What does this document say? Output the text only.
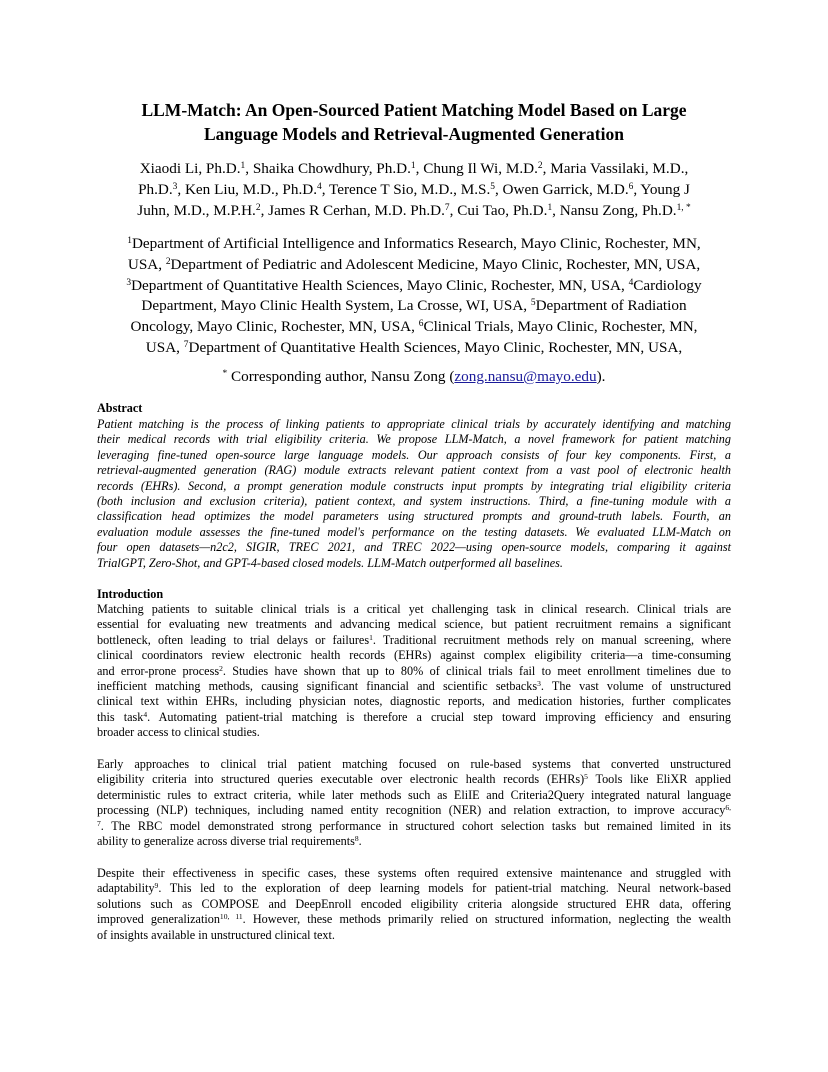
LLM-Match: An Open-Sourced Patient Matching Model Based on Large
Language Models and Retrieval-Augmented Generation
Xiaodi Li, Ph.D.$^1$, Shaika Chowdhury, Ph.D.$^1$, Chung Il Wi, M.D.$^2$, Maria Vassilaki, M.D.,
Ph.D.$^3$, Ken Liu, M.D., Ph.D.$^4$, Terence T Sio, M.D., M.S.$^5$, Owen Garrick, M.D.$^6$, Young J
Juhn, M.D., M.P.H.$^2$, James R Cerhan, M.D. Ph.D.$^7$, Cui Tao, Ph.D.$^1$, Nansu Zong, Ph.D.$^{1, *}$
$^1$Department of Artificial Intelligence and Informatics Research, Mayo Clinic, Rochester, MN,
USA, $^2$Department of Pediatric and Adolescent Medicine, Mayo Clinic, Rochester, MN, USA,
$^3$Department of Quantitative Health Sciences, Mayo Clinic, Rochester, MN, USA, $^4$Cardiology
Department, Mayo Clinic Health System, La Crosse, WI, USA, $^5$Department of Radiation
Oncology, Mayo Clinic, Rochester, MN, USA, $^6$Clinical Trials, Mayo Clinic, Rochester, MN,
USA, $^7$Department of Quantitative Health Sciences, Mayo Clinic, Rochester, MN, USA,
* Corresponding author, Nansu Zong (zong.nansu@mayo.edu).
Abstract
Patient matching is the process of linking patients to appropriate clinical trials by accurately identifying and matching
their medical records with trial eligibility criteria. We propose LLM-Match, a novel framework for patient matching
leveraging fine-tuned open-source large language models. Our approach consists of four key components. First, a
retrieval-augmented generation (RAG) module extracts relevant patient context from a vast pool of electronic health
records (EHRs). Second, a prompt generation module constructs input prompts by integrating trial eligibility criteria
(both inclusion and exclusion criteria), patient context, and system instructions. Third, a fine-tuning module with a
classification head optimizes the model parameters using structured prompts and ground-truth labels. Fourth, an
evaluation module assesses the fine-tuned model's performance on the testing datasets. We evaluated LLM-Match on
four open datasets—n2c2, SIGIR, TREC 2021, and TREC 2022—using open-source models, comparing it against
TrialGPT, Zero-Shot, and GPT-4-based closed models. LLM-Match outperformed all baselines.
Introduction
Matching patients to suitable clinical trials is a critical yet challenging task in clinical research. Clinical trials are
essential for evaluating new treatments and advancing medical science, but patient recruitment remains a significant
bottleneck, often leading to trial delays or failures$^1$. Traditional recruitment methods rely on manual screening, where
clinical coordinators review electronic health records (EHRs) against complex eligibility criteria—a time-consuming
and error-prone process$^2$. Studies have shown that up to 80% of clinical trials fail to meet enrollment timelines due to
inefficient matching methods, causing significant financial and scientific setbacks$^3$. The vast volume of unstructured
clinical text within EHRs, including physician notes, diagnostic reports, and medication histories, further complicates
this task$^4$. Automating patient-trial matching is therefore a crucial step toward improving efficiency and ensuring
broader access to clinical studies.
Early approaches to clinical trial patient matching focused on rule-based systems that converted unstructured
eligibility criteria into structured queries executable over electronic health records (EHRs)$^5$ Tools like EliXR applied
deterministic rules to extract criteria, while later methods such as EliIE and Criteria2Query integrated natural language
processing (NLP) techniques, including named entity recognition (NER) and relation extraction, to improve accuracy$^{6,}$
$^7$. The RBC model demonstrated strong performance in structured cohort selection tasks but remained limited in its
ability to generalize across diverse trial requirements$^8$.
Despite their effectiveness in specific cases, these systems often required extensive maintenance and struggled with
adaptability$^9$. This led to the exploration of deep learning models for patient-trial matching. Neural network-based
solutions such as COMPOSE and DeepEnroll encoded eligibility criteria alongside structured EHR data, offering
improved generalization$^{10, 11}$. However, these methods primarily relied on structured information, neglecting the wealth
of insights available in unstructured clinical text.
